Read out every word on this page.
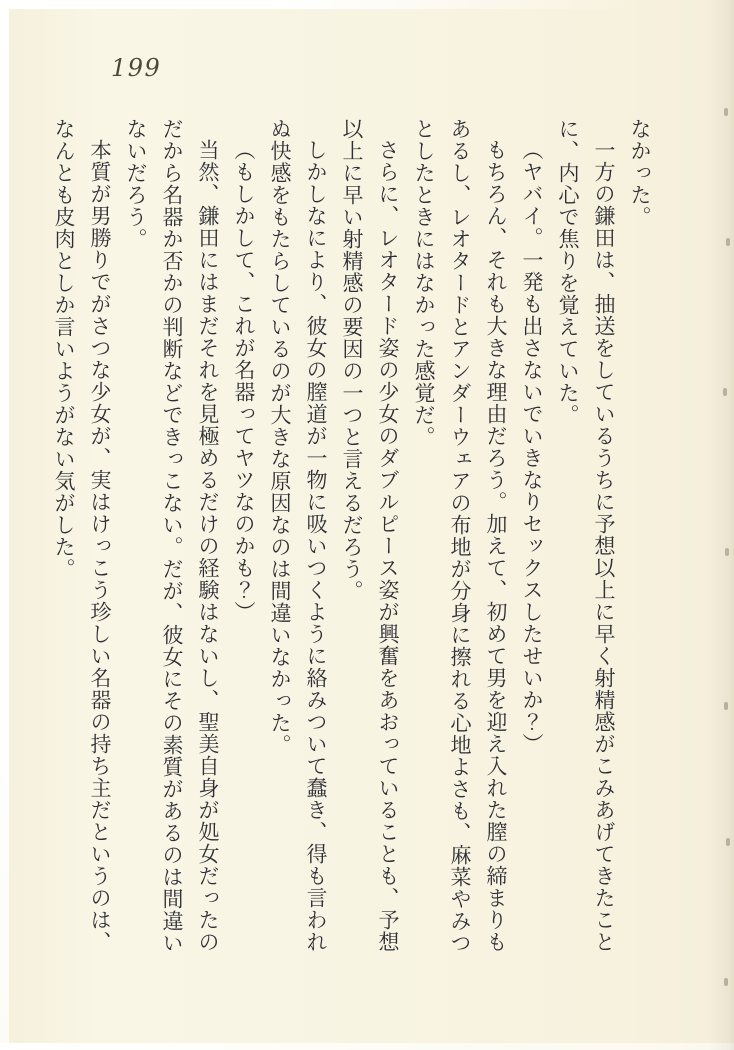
199

なかった。

一方の鎌田は、抽送をしているうちに予想以上に早く射精感がこみあげてきたことに、内心で焦りを覚えていた。

（ヤバイ。一発も出さないでいきなりセックスしたせいか？）

もちろん、それも大きな理由だろう。加えて、初めて男を迎え入れた膣の締まりもあるし、レオタードとアンダーウェアの布地が分身に擦れる心地よさも、麻菜やみつとしたときにはなかった感覚だ。

さらに、レオタード姿の少女のダブルピース姿が興奮をあおっていることも、予想以上に早い射精感の要因の一つと言えるだろう。

しかしなにより、彼女の膣道が一物に吸いつくように絡みついて蠢き、得も言われぬ快感をもたらしているのが大きな原因なのは間違いなかった。

（もしかして、これが名器ってヤツなのかも？）

当然、鎌田にはまだそれを見極めるだけの経験はないし、聖美自身が処女だったのだから名器か否かの判断などできっこない。だが、彼女にその素質があるのは間違いないだろう。

本質が男勝りでがさつな少女が、実はけっこう珍しい名器の持ち主だというのは、なんとも皮肉としか言いようがない気がした。
